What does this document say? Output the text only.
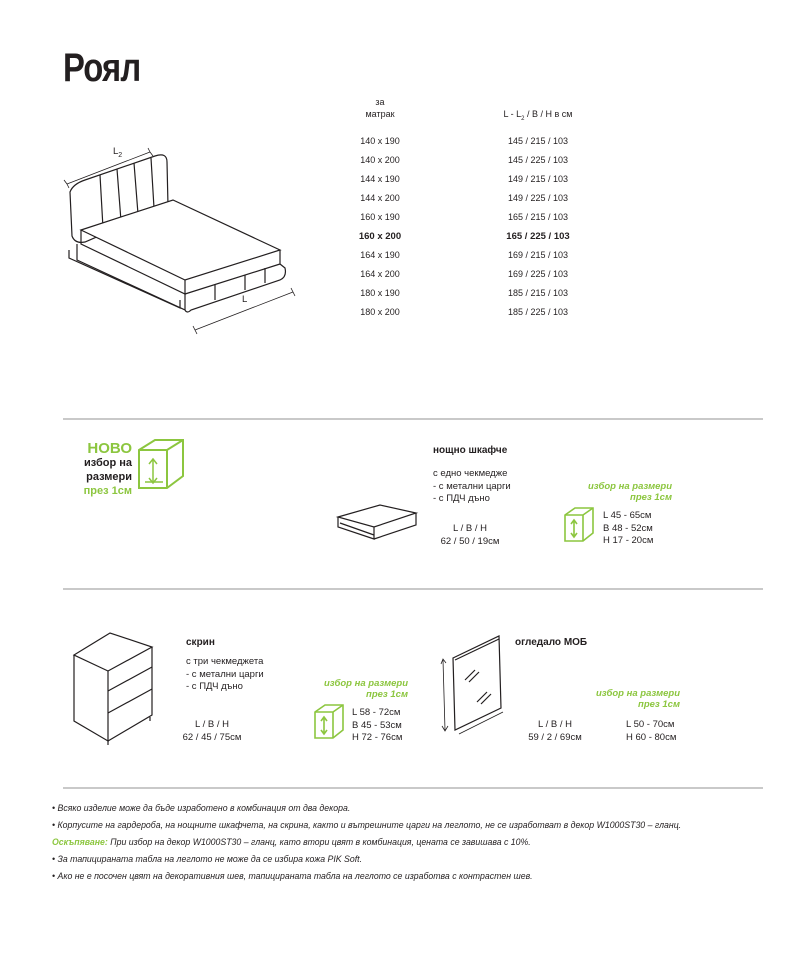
Роял
$L_2$
L
за
матрак	L - $L_2$ / В / Н в см
140 x 190
140 x 200
144 x 190
144 x 200
160 x 190
160 x 200
164 x 190
164 x 200
180 x 190
180 x 200
145 / 215 / 103
145 / 225 / 103
149 / 215 / 103
149 / 225 / 103
165 / 215 / 103
165 / 225 / 103
169 / 215 / 103
169 / 225 / 103
185 / 215 / 103
185 / 225 / 103
НОВО
избор на
размери
през 1см
нощно шкафче
с едно чекмедже
- с метални царги
- с ПДЧ дъно
L / В / Н
62 / 50 / 19см
избор на размери
през 1см
L 45 - 65см
В 48 - 52см
Н 17 - 20см
скрин
с три чекмеджета
- с метални царги
- с ПДЧ дъно
L / В / Н
62 / 45 / 75см
избор на размери
през 1см
L 58 - 72см
В 45 - 53см
Н 72 - 76см
огледало МОБ
L / В / Н
59 / 2 / 69см
избор на размери
през 1см
L 50 - 70см
Н 60 - 80см
• Всяко изделие може да бъде изработено в комбинация от два декора.
• Корпусите на гардероба, на нощните шкафчета, на скрина, както и вътрешните царги на леглото, не се изработват в декор W1000ST30 – гланц.
Оскъпяване: При избор на декор W1000ST30 – гланц, като втори цвят в комбинация, цената се завишава с 10%.
• За тапицираната табла на леглото не може да се избира кожа PIK Soft.
• Ако не е посочен цвят на декоративния шев, тапицираната табла на леглото се изработва с контрастен шев.
